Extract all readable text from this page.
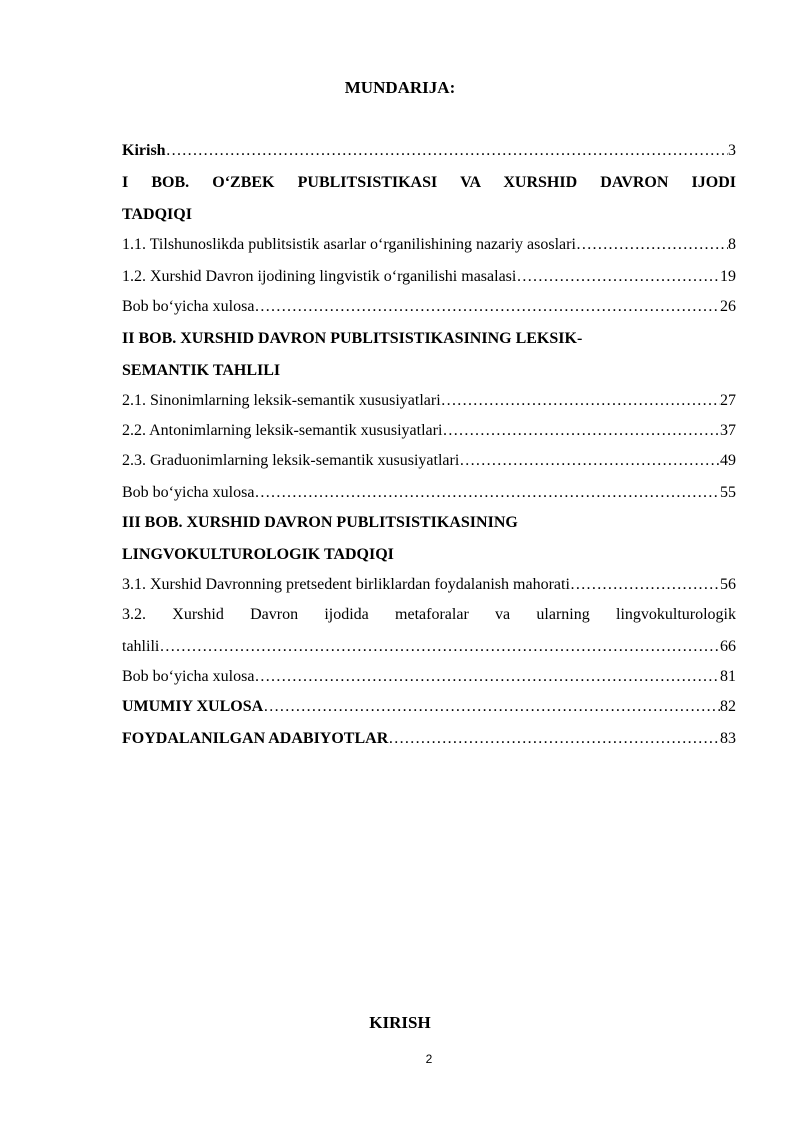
MUNDARIJA:
Kirish …………………………………………………………………………………………………………………………………………………………………………………	3
I BOB. O‘ZBEK PUBLITSISTIKASI VA XURSHID DAVRON IJODI
TADQIQI
1.1. Tilshunoslikda publitsistik asarlar o‘rganilishining nazariy asoslari …………………………………………………………………………………………………………………………………………………………………………………	8
1.2. Xurshid Davron ijodining lingvistik o‘rganilishi masalasi …………………………………………………………………………………………………………………………………………………………………………………	19
Bob bo‘yicha xulosa …………………………………………………………………………………………………………………………………………………………………………………	26
II BOB. XURSHID DAVRON PUBLITSISTIKASINING LEKSIK-
SEMANTIK TAHLILI
2.1. Sinonimlarning leksik-semantik xususiyatlari …………………………………………………………………………………………………………………………………………………………………………………	27
2.2. Antonimlarning leksik-semantik xususiyatlari …………………………………………………………………………………………………………………………………………………………………………………	37
2.3. Graduonimlarning leksik-semantik xususiyatlari …………………………………………………………………………………………………………………………………………………………………………………	49
Bob bo‘yicha xulosa …………………………………………………………………………………………………………………………………………………………………………………	55
III BOB. XURSHID DAVRON PUBLITSISTIKASINING
LINGVOKULTUROLOGIK TADQIQI
3.1. Xurshid Davronning pretsedent birliklardan foydalanish mahorati …………………………………………………………………………………………………………………………………………………………………………………	56
3.2. Xurshid Davron ijodida metaforalar va ularning lingvokulturologik
tahlili …………………………………………………………………………………………………………………………………………………………………………………	66
Bob bo‘yicha xulosa …………………………………………………………………………………………………………………………………………………………………………………	81
UMUMIY XULOSA …………………………………………………………………………………………………………………………………………………………………………………	82
FOYDALANILGAN ADABIYOTLAR …………………………………………………………………………………………………………………………………………………………………………………	83
KIRISH
2
